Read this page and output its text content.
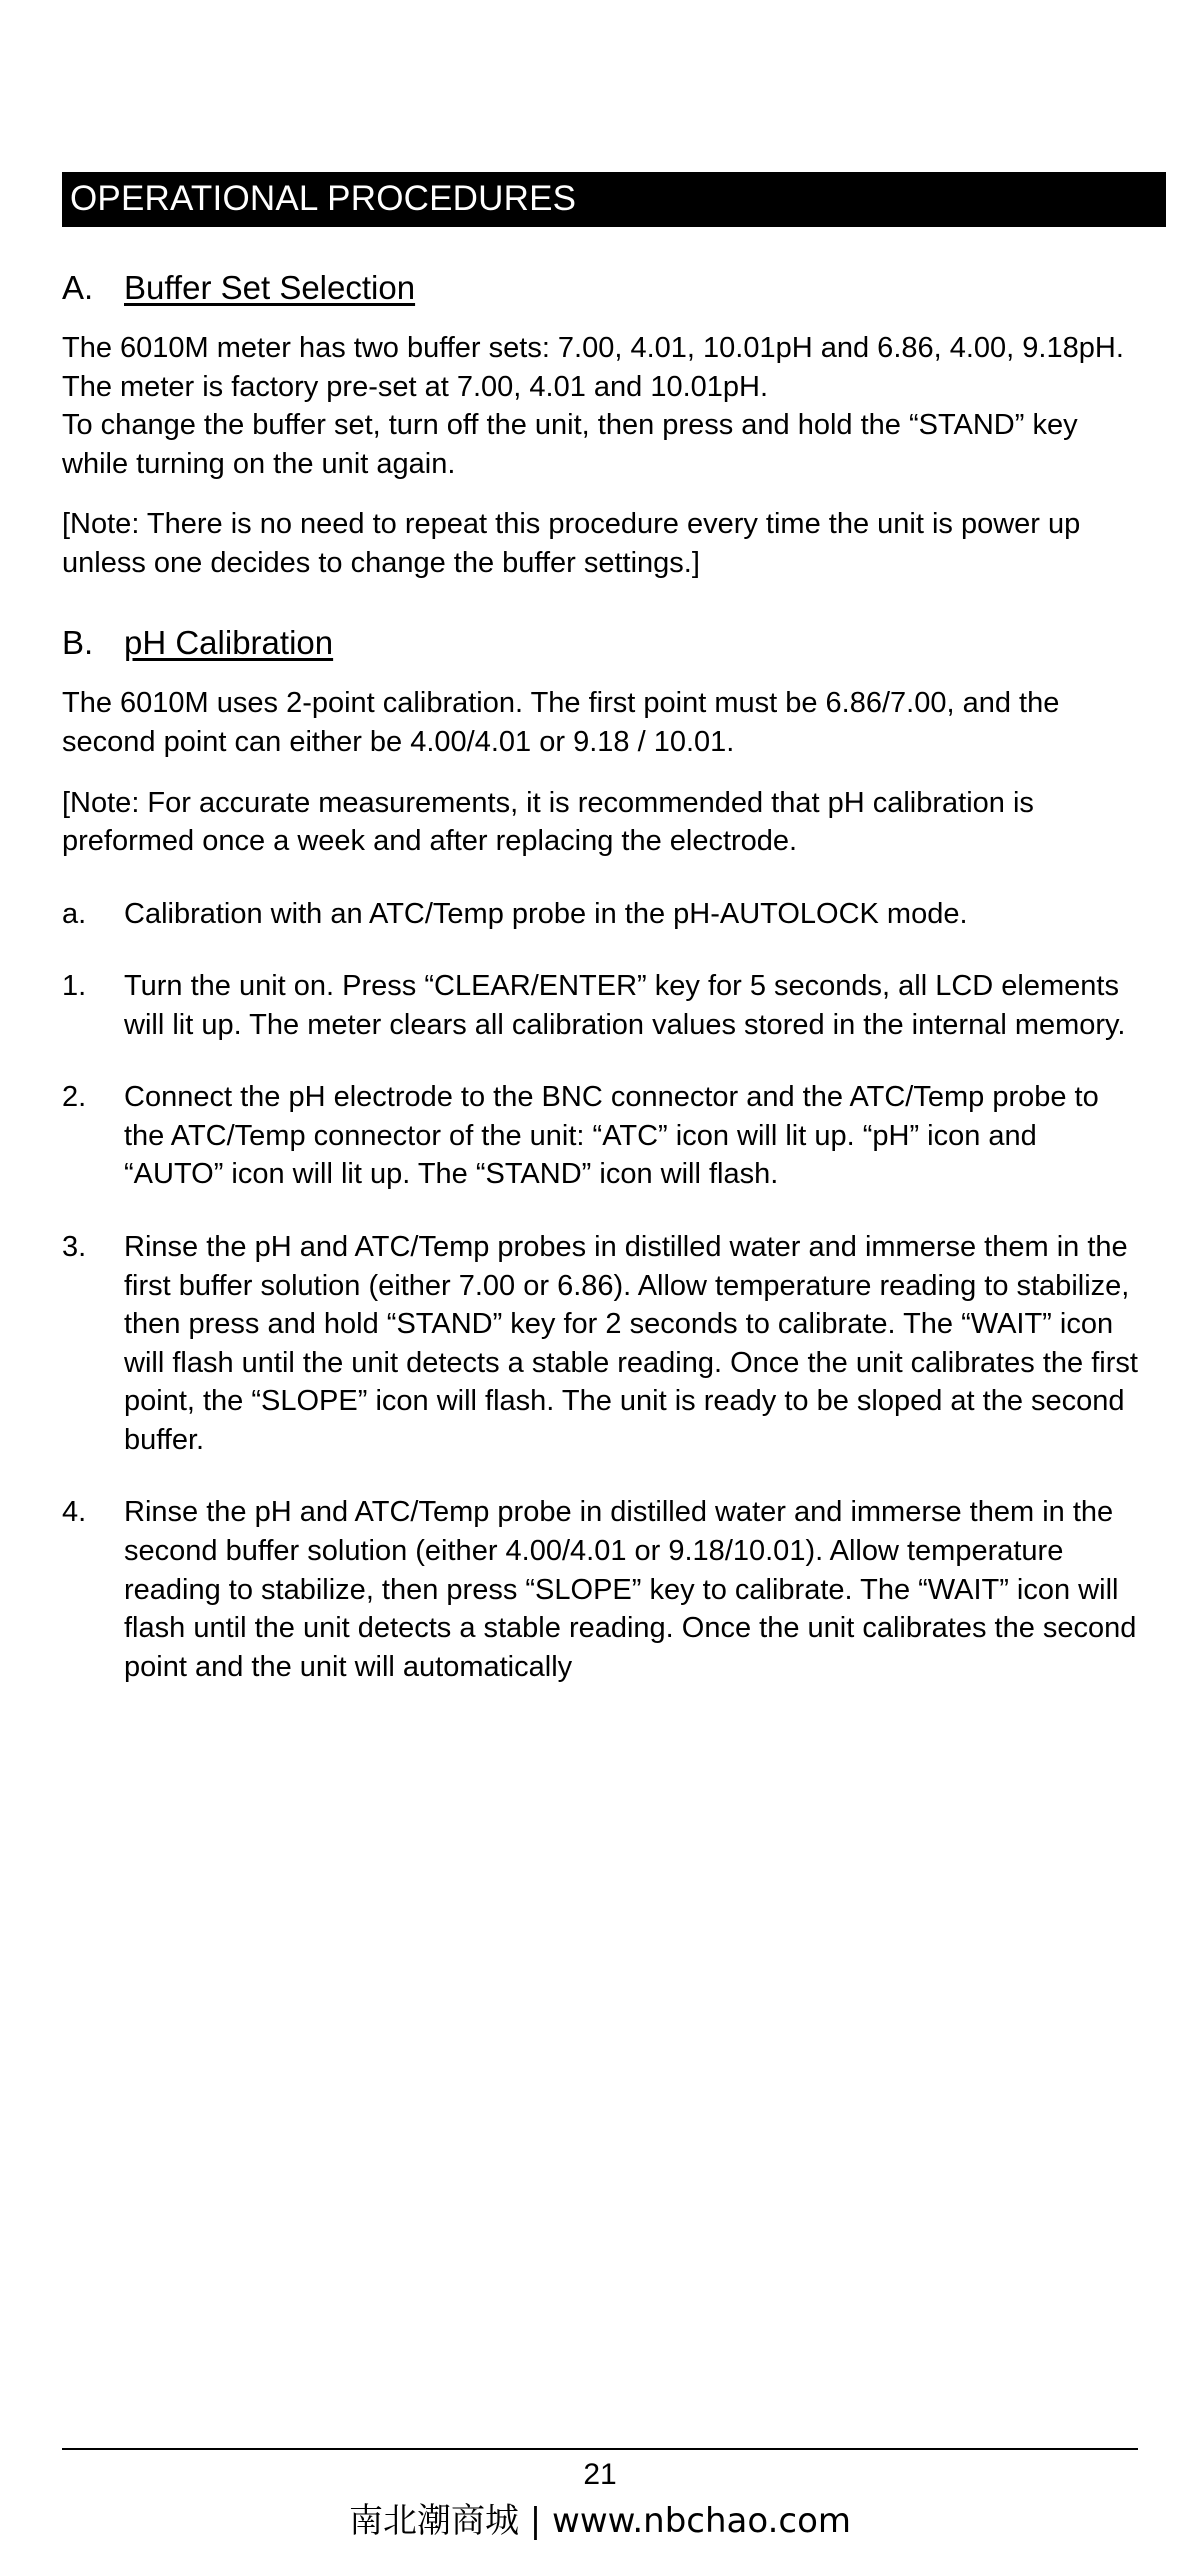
OPERATIONAL PROCEDURES
A. Buffer Set Selection

The 6010M meter has two buffer sets: 7.00, 4.01, 10.01pH and 6.86, 4.00, 9.18pH. The meter is factory pre-set at 7.00, 4.01 and 10.01pH.

To change the buffer set, turn off the unit, then press and hold the “STAND” key while turning on the unit again.

[Note: There is no need to repeat this procedure every time the unit is power up unless one decides to change the buffer settings.]

B. pH Calibration

The 6010M uses 2-point calibration. The first point must be 6.86/7.00, and the second point can either be 4.00/4.01 or 9.18 / 10.01.

[Note: For accurate measurements, it is recommended that pH calibration is preformed once a week and after replacing the electrode.

a.	Calibration with an ATC/Temp probe in the pH-AUTOLOCK mode.
1.	Turn the unit on. Press “CLEAR/ENTER” key for 5 seconds, all LCD elements will lit up. The meter clears all calibration values stored in the internal memory.
2.	Connect the pH electrode to the BNC connector and the ATC/Temp probe to the ATC/Temp connector of the unit: “ATC” icon will lit up. “pH” icon and “AUTO” icon will lit up. The “STAND” icon will flash.
3.	Rinse the pH and ATC/Temp probes in distilled water and immerse them in the first buffer solution (either 7.00 or 6.86). Allow temperature reading to stabilize, then press and hold “STAND” key for 2 seconds to calibrate. The “WAIT” icon will flash until the unit detects a stable reading. Once the unit calibrates the first point, the “SLOPE” icon will flash. The unit is ready to be sloped at the second buffer.
4.	Rinse the pH and ATC/Temp probe in distilled water and immerse them in the second buffer solution (either 4.00/4.01 or 9.18/10.01). Allow temperature reading to stabilize, then press “SLOPE” key to calibrate. The “WAIT” icon will flash until the unit detects a stable reading. Once the unit calibrates the second point and the unit will automatically
21
南北潮商城 | www.nbchao.com
